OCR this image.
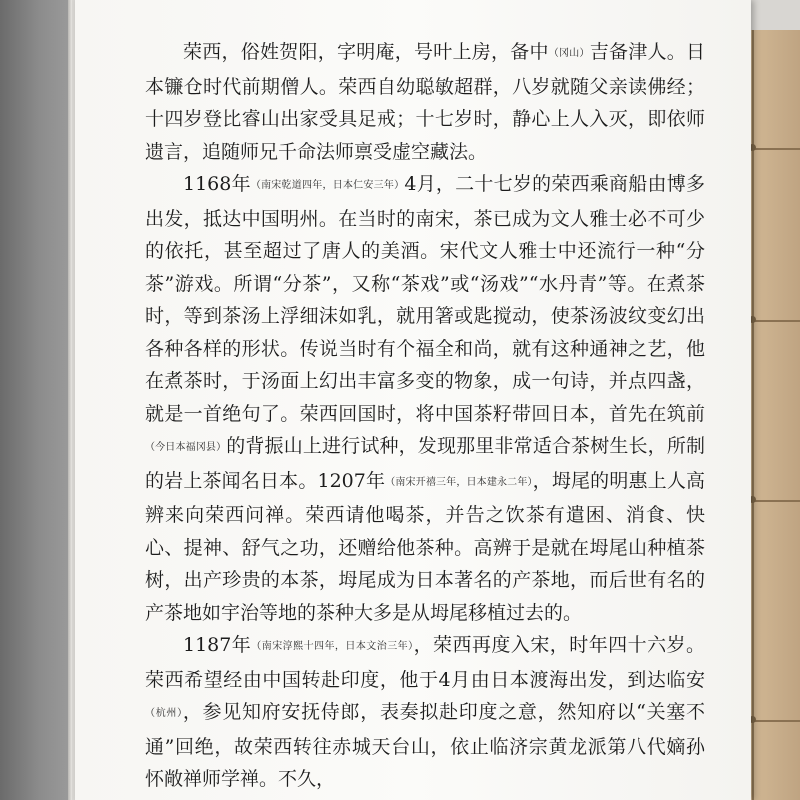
荣西，俗姓贺阳，字明庵，号叶上房，备中（冈山）吉备津人。日本镰仓时代前期僧人。荣西自幼聪敏超群，八岁就随父亲读佛经；十四岁登比睿山出家受具足戒；十七岁时，静心上人入灭，即依师遗言，追随师兄千命法师禀受虚空藏法。

1168年（南宋乾道四年，日本仁安三年）4月，二十七岁的荣西乘商船由博多出发，抵达中国明州。在当时的南宋，茶已成为文人雅士必不可少的依托，甚至超过了唐人的美酒。宋代文人雅士中还流行一种“分茶”游戏。所谓“分茶”，又称“茶戏”或“汤戏”“水丹青”等。在煮茶时，等到茶汤上浮细沫如乳，就用箸或匙搅动，使茶汤波纹变幻出各种各样的形状。传说当时有个福全和尚，就有这种通神之艺，他在煮茶时，于汤面上幻出丰富多变的物象，成一句诗，并点四盏，就是一首绝句了。荣西回国时，将中国茶籽带回日本，首先在筑前（今日本福冈县）的背振山上进行试种，发现那里非常适合茶树生长，所制的岩上茶闻名日本。1207年（南宋开禧三年，日本建永二年），坶尾的明惠上人高辨来向荣西问禅。荣西请他喝茶，并告之饮茶有遣困、消食、快心、提神、舒气之功，还赠给他茶种。高辨于是就在坶尾山种植茶树，出产珍贵的本茶，坶尾成为日本著名的产茶地，而后世有名的产茶地如宇治等地的茶种大多是从坶尾移植过去的。

1187年（南宋淳熙十四年，日本文治三年），荣西再度入宋，时年四十六岁。荣西希望经由中国转赴印度，他于4月由日本渡海出发，到达临安（杭州），参见知府安抚侍郎，表奏拟赴印度之意，然知府以“关塞不通”回绝，故荣西转往赤城天台山，依止临济宗黄龙派第八代嫡孙怀敞禅师学禅。不久，
